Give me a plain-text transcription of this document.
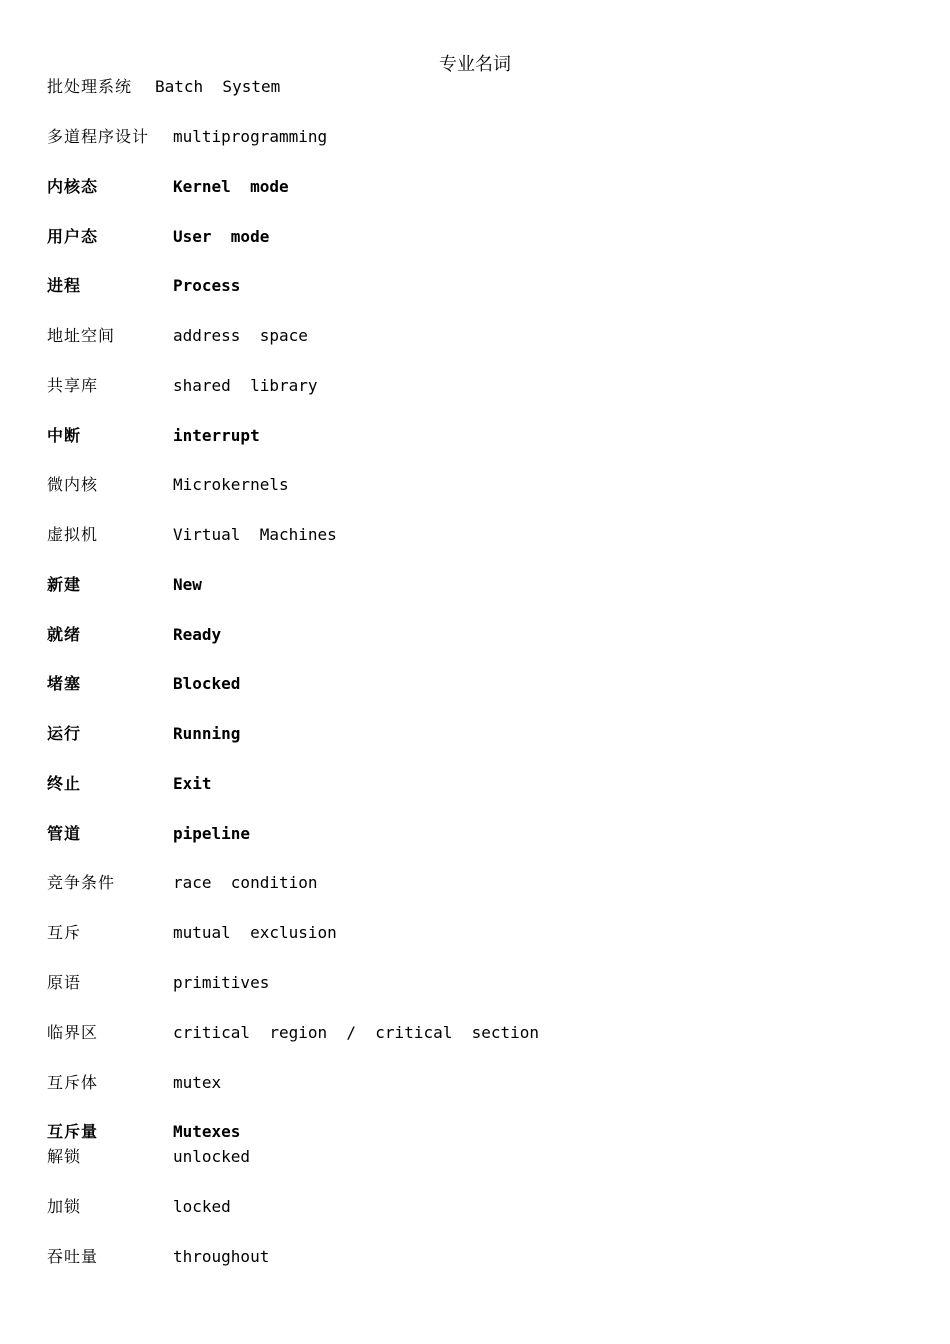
专业名词
批处理系统 Batch  System
多道程序设计 multiprogramming
内核态	Kernel  mode
用户态	User  mode
进程	Process
地址空间	address  space
共享库	shared  library
中断	interrupt
微内核	Microkernels
虚拟机	Virtual  Machines
新建	New
就绪	Ready
堵塞	Blocked
运行	Running
终止	Exit
管道	pipeline
竞争条件	race  condition
互斥	mutual  exclusion
原语	primitives
临界区	critical  region  /  critical  section
互斥体	mutex
互斥量	Mutexes
解锁	unlocked
加锁	locked
吞吐量	throughout
